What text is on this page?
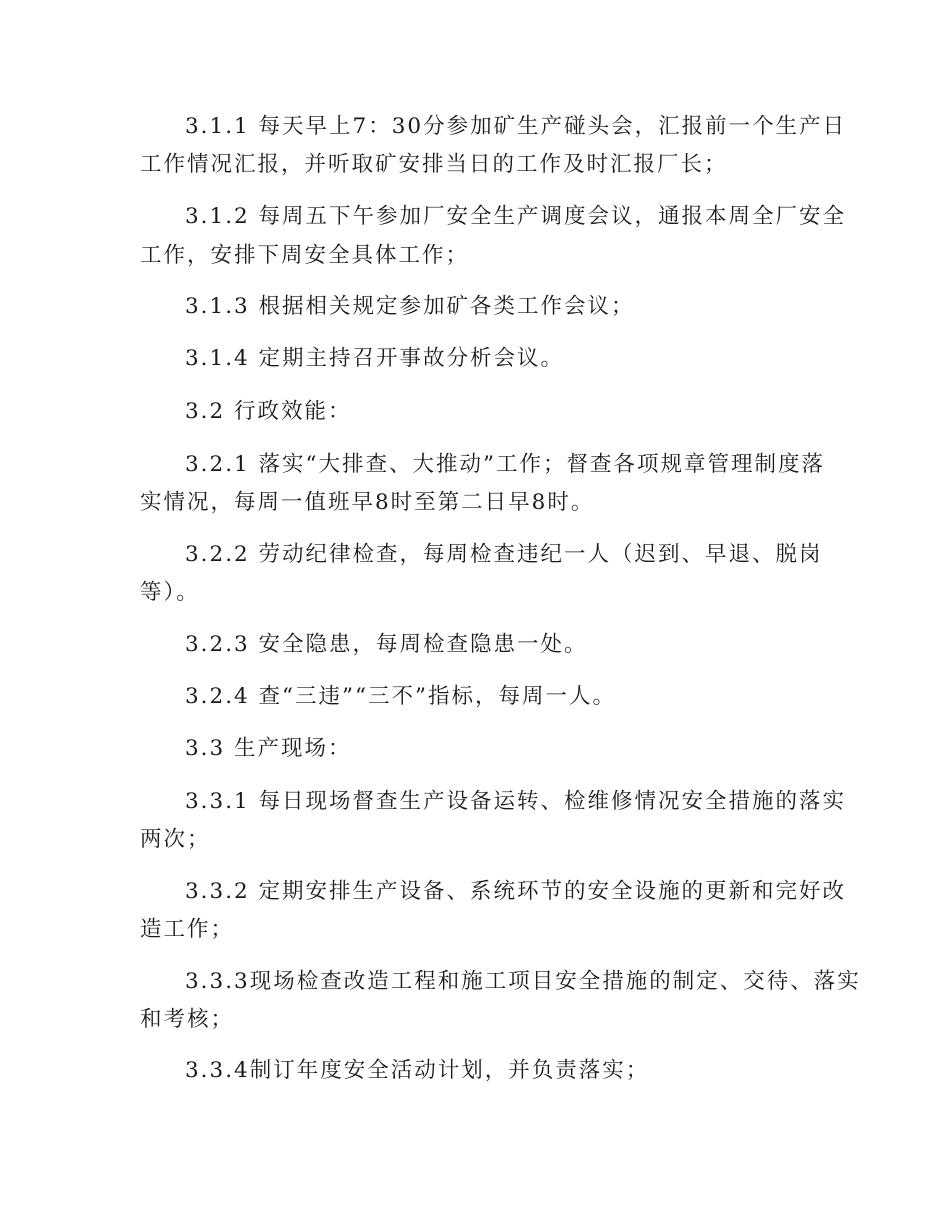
3.1.1 每天早上7：30分参加矿生产碰头会，汇报前一个生产日
工作情况汇报，并听取矿安排当日的工作及时汇报厂长；
3.1.2 每周五下午参加厂安全生产调度会议，通报本周全厂安全
工作，安排下周安全具体工作；
3.1.3 根据相关规定参加矿各类工作会议；
3.1.4 定期主持召开事故分析会议。
3.2 行政效能：
3.2.1 落实“大排查、大推动”工作；督查各项规章管理制度落
实情况，每周一值班早8时至第二日早8时。
3.2.2 劳动纪律检查，每周检查违纪一人（迟到、早退、脱岗
等）。
3.2.3 安全隐患，每周检查隐患一处。
3.2.4 查“三违”“三不”指标，每周一人。
3.3 生产现场：
3.3.1 每日现场督查生产设备运转、检维修情况安全措施的落实
两次；
3.3.2 定期安排生产设备、系统环节的安全设施的更新和完好改
造工作；
3.3.3现场检查改造工程和施工项目安全措施的制定、交待、落实
和考核；
3.3.4制订年度安全活动计划，并负责落实；
